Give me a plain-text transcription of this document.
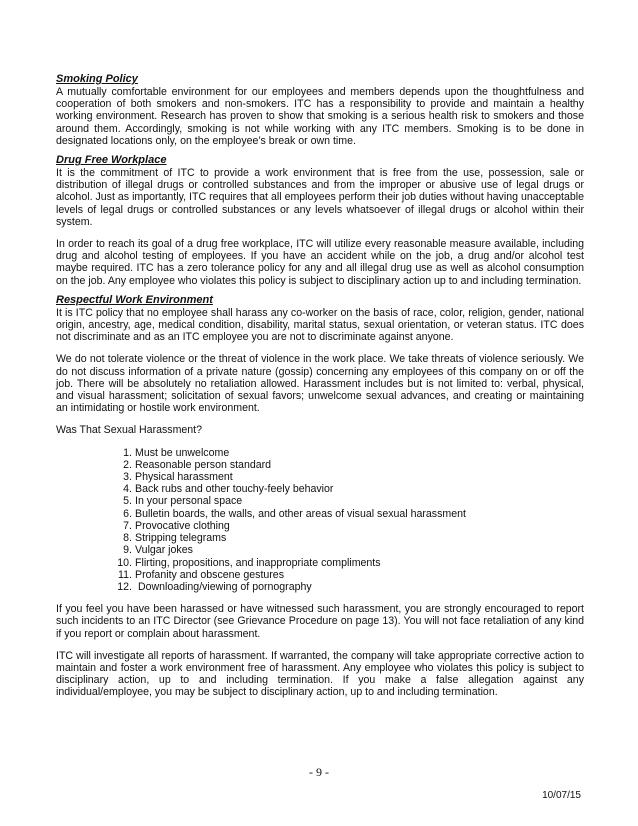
Smoking Policy

A mutually comfortable environment for our employees and members depends upon the thoughtfulness and cooperation of both smokers and non-smokers. ITC has a responsibility to provide and maintain a healthy working environment. Research has proven to show that smoking is a serious health risk to smokers and those around them. Accordingly, smoking is not while working with any ITC members. Smoking is to be done in designated locations only, on the employee’s break or own time.

Drug Free Workplace

It is the commitment of ITC to provide a work environment that is free from the use, possession, sale or distribution of illegal drugs or controlled substances and from the improper or abusive use of legal drugs or alcohol. Just as importantly, ITC requires that all employees perform their job duties without having unacceptable levels of legal drugs or controlled substances or any levels whatsoever of illegal drugs or alcohol within their system.

In order to reach its goal of a drug free workplace, ITC will utilize every reasonable measure available, including drug and alcohol testing of employees. If you have an accident while on the job, a drug and/or alcohol test maybe required. ITC has a zero tolerance policy for any and all illegal drug use as well as alcohol consumption on the job. Any employee who violates this policy is subject to disciplinary action up to and including termination.

Respectful Work Environment

It is ITC policy that no employee shall harass any co-worker on the basis of race, color, religion, gender, national origin, ancestry, age, medical condition, disability, marital status, sexual orientation, or veteran status. ITC does not discriminate and as an ITC employee you are not to discriminate against anyone.

We do not tolerate violence or the threat of violence in the work place. We take threats of violence seriously. We do not discuss information of a private nature (gossip) concerning any employees of this company on or off the job. There will be absolutely no retaliation allowed. Harassment includes but is not limited to: verbal, physical, and visual harassment; solicitation of sexual favors; unwelcome sexual advances, and creating or maintaining an intimidating or hostile work environment.

Was That Sexual Harassment?

1. Must be unwelcome
2. Reasonable person standard
3. Physical harassment
4. Back rubs and other touchy-feely behavior
5. In your personal space
6. Bulletin boards, the walls, and other areas of visual sexual harassment
7. Provocative clothing
8. Stripping telegrams
9. Vulgar jokes
10. Flirting, propositions, and inappropriate compliments
11. Profanity and obscene gestures
12. Downloading/viewing of pornography

If you feel you have been harassed or have witnessed such harassment, you are strongly encouraged to report such incidents to an ITC Director (see Grievance Procedure on page 13). You will not face retaliation of any kind if you report or complain about harassment.

ITC will investigate all reports of harassment. If warranted, the company will take appropriate corrective action to maintain and foster a work environment free of harassment. Any employee who violates this policy is subject to disciplinary action, up to and including termination. If you make a false allegation against any individual/employee, you may be subject to disciplinary action, up to and including termination.

- 9 -
10/07/15
